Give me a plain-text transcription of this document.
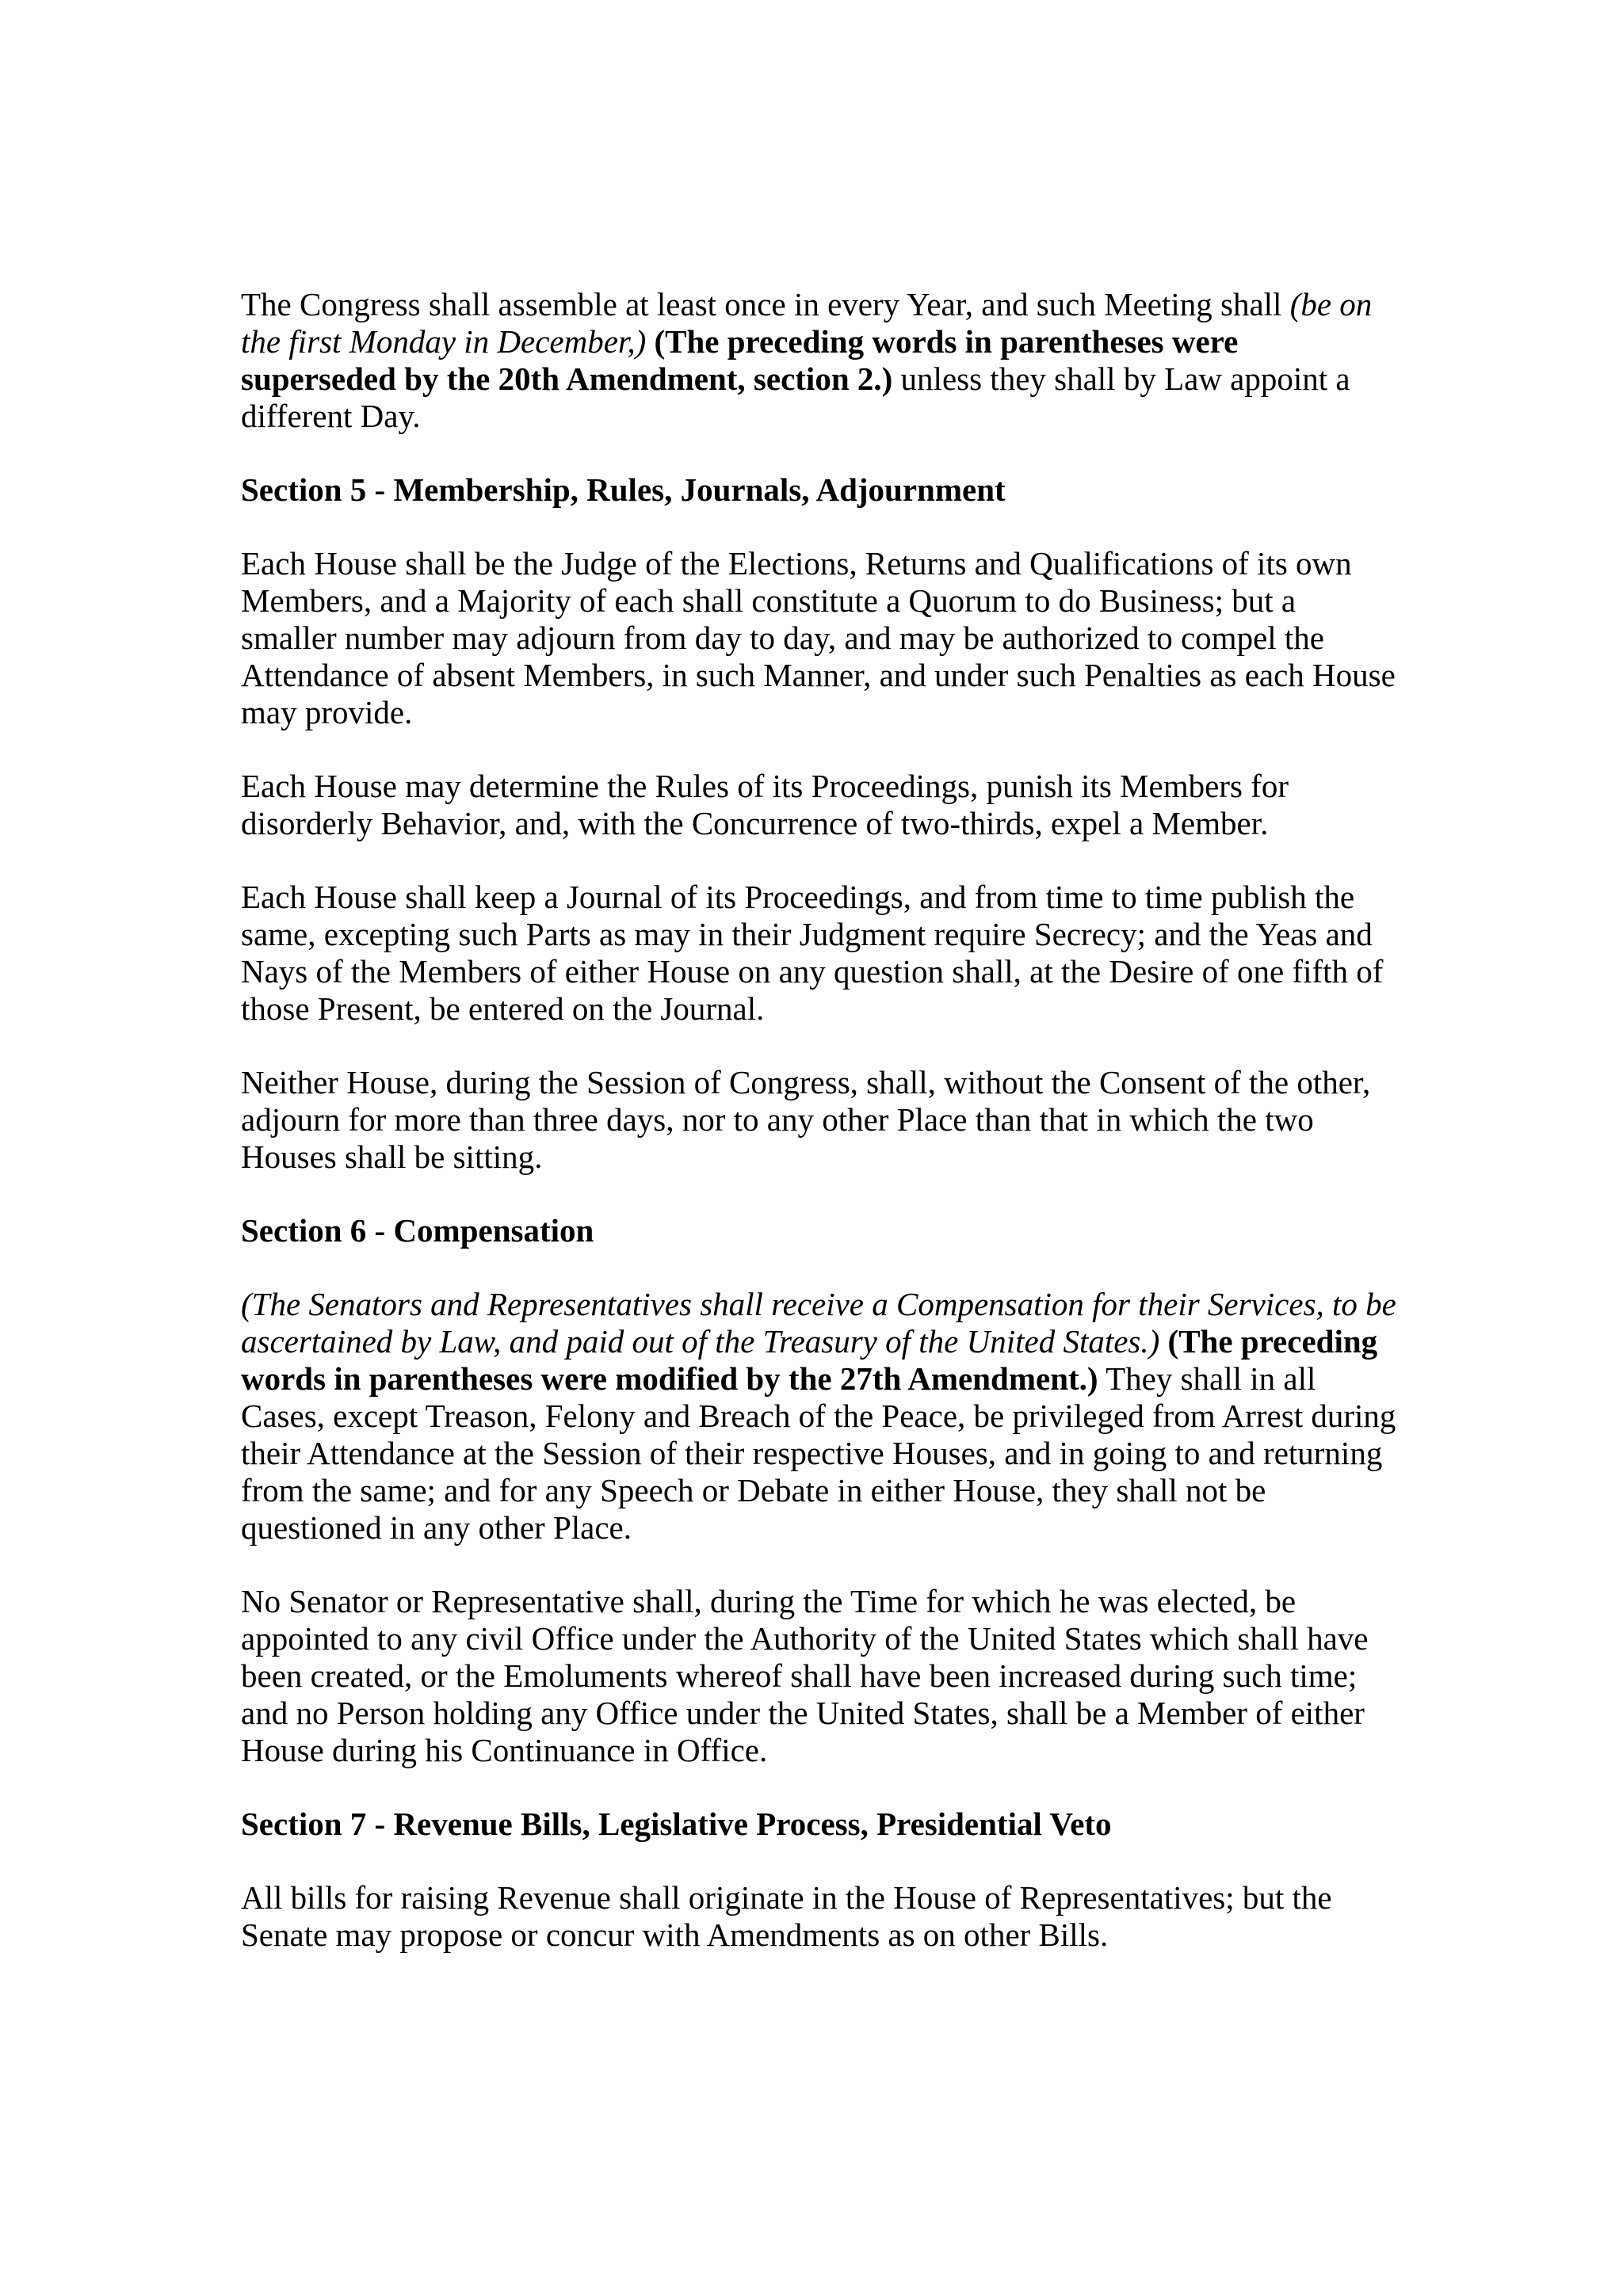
The Congress shall assemble at least once in every Year, and such Meeting shall (be on the first Monday in December,) (The preceding words in parentheses were superseded by the 20th Amendment, section 2.) unless they shall by Law appoint a different Day.

Section 5 - Membership, Rules, Journals, Adjournment

Each House shall be the Judge of the Elections, Returns and Qualifications of its own Members, and a Majority of each shall constitute a Quorum to do Business; but a smaller number may adjourn from day to day, and may be authorized to compel the Attendance of absent Members, in such Manner, and under such Penalties as each House may provide.

Each House may determine the Rules of its Proceedings, punish its Members for disorderly Behavior, and, with the Concurrence of two-thirds, expel a Member.

Each House shall keep a Journal of its Proceedings, and from time to time publish the same, excepting such Parts as may in their Judgment require Secrecy; and the Yeas and Nays of the Members of either House on any question shall, at the Desire of one fifth of those Present, be entered on the Journal.

Neither House, during the Session of Congress, shall, without the Consent of the other, adjourn for more than three days, nor to any other Place than that in which the two Houses shall be sitting.

Section 6 - Compensation

(The Senators and Representatives shall receive a Compensation for their Services, to be ascertained by Law, and paid out of the Treasury of the United States.) (The preceding words in parentheses were modified by the 27th Amendment.) They shall in all Cases, except Treason, Felony and Breach of the Peace, be privileged from Arrest during their Attendance at the Session of their respective Houses, and in going to and returning from the same; and for any Speech or Debate in either House, they shall not be questioned in any other Place.

No Senator or Representative shall, during the Time for which he was elected, be appointed to any civil Office under the Authority of the United States which shall have been created, or the Emoluments whereof shall have been increased during such time; and no Person holding any Office under the United States, shall be a Member of either House during his Continuance in Office.

Section 7 - Revenue Bills, Legislative Process, Presidential Veto

All bills for raising Revenue shall originate in the House of Representatives; but the Senate may propose or concur with Amendments as on other Bills.
